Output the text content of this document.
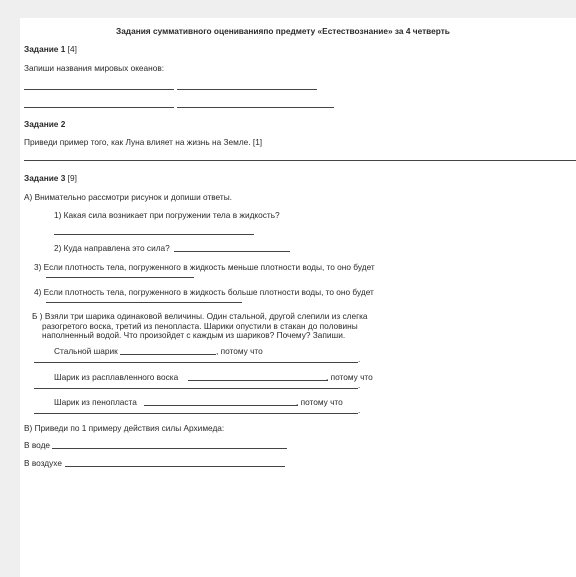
Задания суммативного оцениванияпо предмету «Естествознание» за 4 четверть
Задание 1 [4]
Запиши названия мировых океанов:
Задание 2
Приведи пример того, как Луна влияет на жизнь на Земле. [1]
Задание 3 [9]
А) Внимательно рассмотри рисунок и допиши ответы.
1) Какая сила возникает при погружении тела в жидкость?
2) Куда направлена это сила?
3) Если плотность тела, погруженного в жидкость меньше плотности воды, то оно будет
4) Если плотность тела, погруженного в жидкость больше плотности воды, то оно будет
Б ) Взяли три шарика одинаковой величины. Один стальной, другой слепили из слегка
разогретого воска, третий из пенопласта. Шарики опустили в стакан до половины
наполненный водой. Что произойдет с каждым из шариков? Почему? Запиши.
Стальной шарик	, потому что
.
Шарик из расплавленного воска	, потому что
.
Шарик из пенопласта	, потому что
.
В) Приведи по 1 примеру действия силы Архимеда:
В воде
В воздухе
